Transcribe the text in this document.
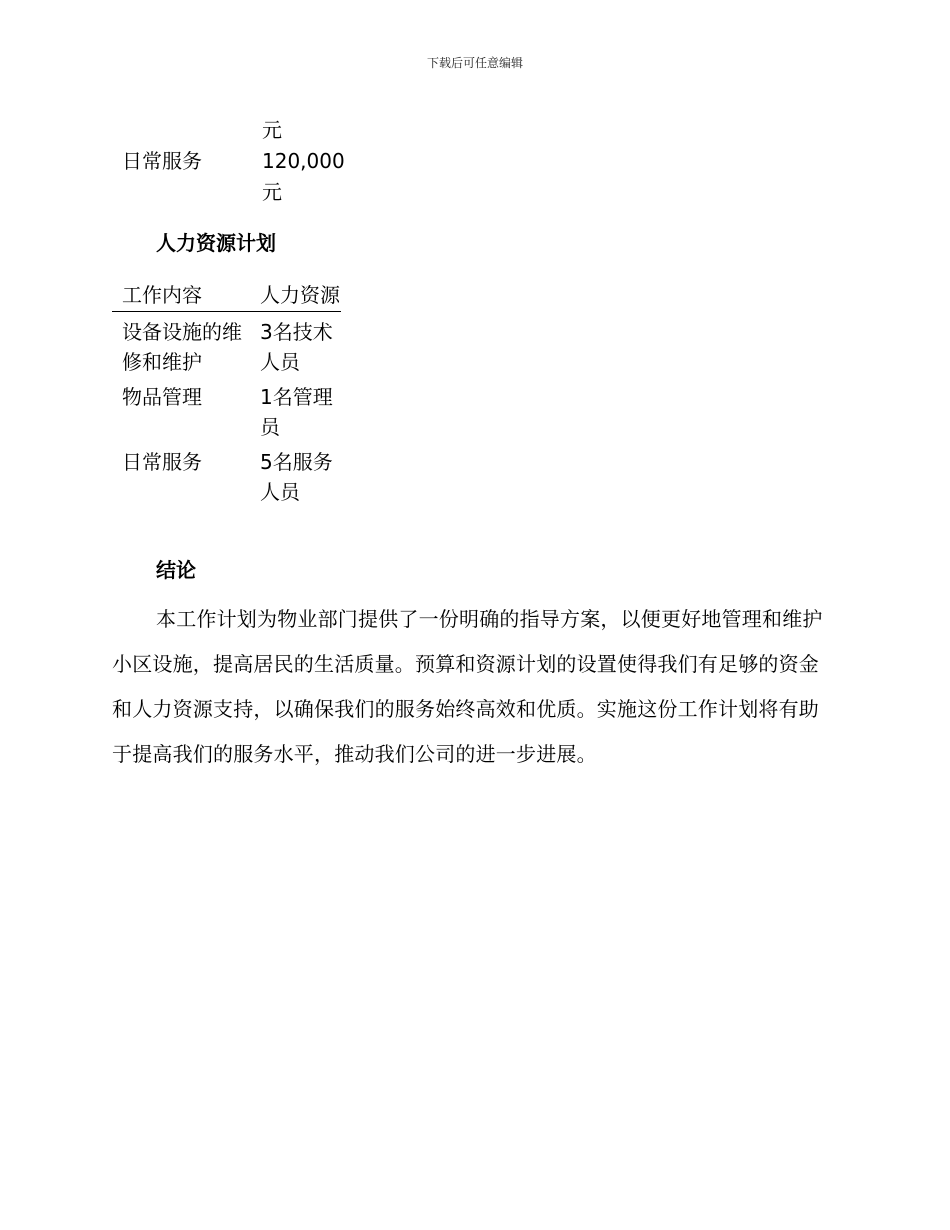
下载后可任意编辑
元
日常服务	120,000元
人力资源计划
工作内容	人力资源
设备设施的维修和维护	3名技术人员
物品管理	1名管理员
日常服务	5名服务人员
结论

本工作计划为物业部门提供了一份明确的指导方案，以便更好地管理和维护小区设施，提高居民的生活质量。预算和资源计划的设置使得我们有足够的资金和人力资源支持，以确保我们的服务始终高效和优质。实施这份工作计划将有助于提高我们的服务水平，推动我们公司的进一步进展。
